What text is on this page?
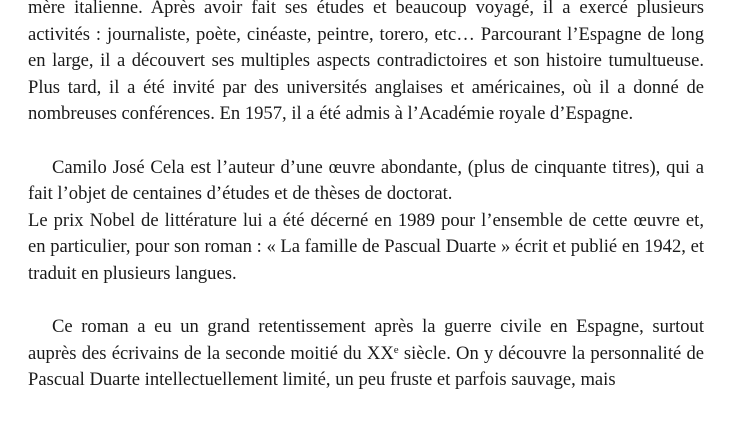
mère italienne. Après avoir fait ses études et beaucoup voyagé, il a exercé plusieurs activités : journaliste, poète, cinéaste, peintre, torero, etc… Parcourant l’Espagne de long en large, il a découvert ses multiples aspects contradictoires et son histoire tumultueuse. Plus tard, il a été invité par des universités anglaises et américaines, où il a donné de nombreuses conférences. En 1957, il a été admis à l’Académie royale d’Espagne.

Camilo José Cela est l’auteur d’une œuvre abondante, (plus de cinquante titres), qui a fait l’objet de centaines d’études et de thèses de doctorat.

Le prix Nobel de littérature lui a été décerné en 1989 pour l’ensemble de cette œuvre et, en particulier, pour son roman : « La famille de Pascual Duarte » écrit et publié en 1942, et traduit en plusieurs langues.

Ce roman a eu un grand retentissement après la guerre civile en Espagne, surtout auprès des écrivains de la seconde moitié du XXe siècle. On y découvre la personnalité de Pascual Duarte intellectuellement limité, un peu fruste et parfois sauvage, mais
